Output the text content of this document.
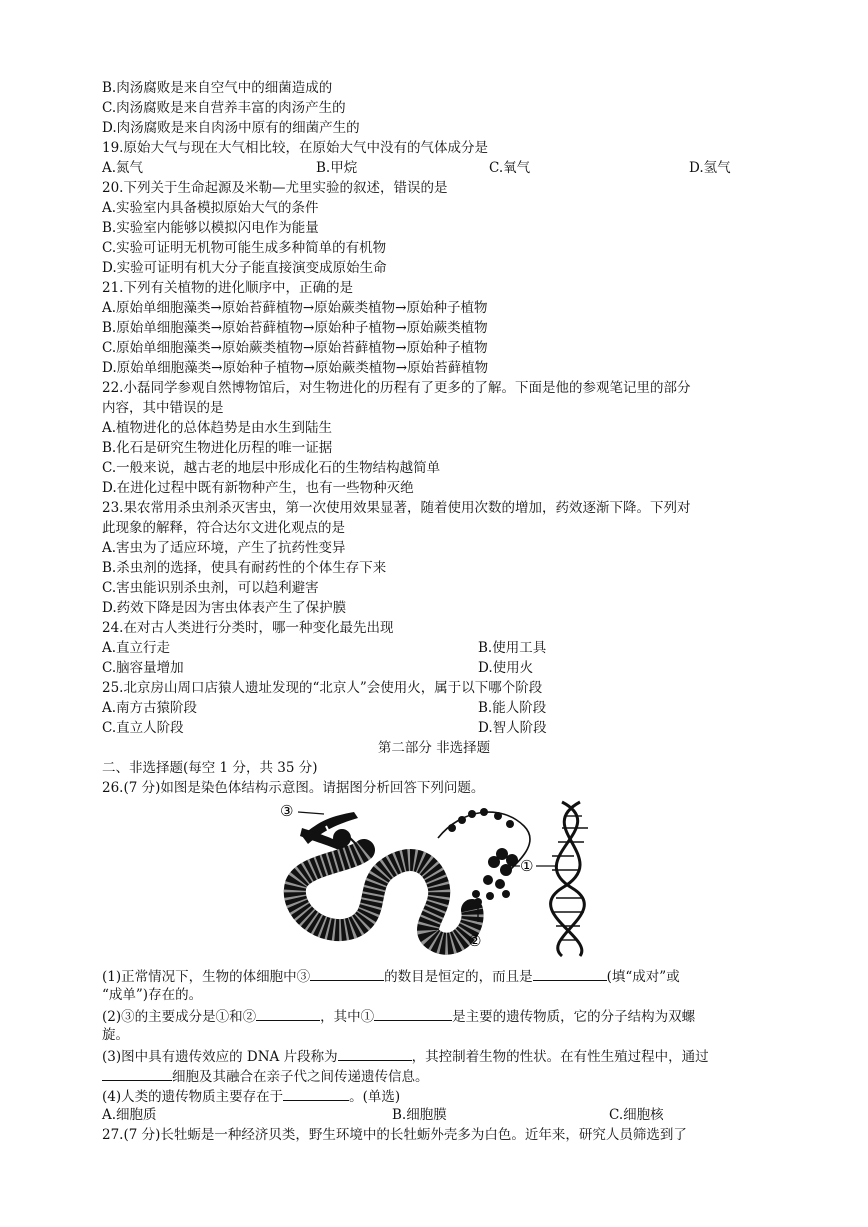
B.肉汤腐败是来自空气中的细菌造成的
C.肉汤腐败是来自营养丰富的肉汤产生的
D.肉汤腐败是来自肉汤中原有的细菌产生的
19.原始大气与现在大气相比较，在原始大气中没有的气体成分是
A.氮气	B.甲烷	C.氧气	D.氢气
20.下列关于生命起源及米勒—尤里实验的叙述，错误的是
A.实验室内具备模拟原始大气的条件
B.实验室内能够以模拟闪电作为能量
C.实验可证明无机物可能生成多种简单的有机物
D.实验可证明有机大分子能直接演变成原始生命
21.下列有关植物的进化顺序中，正确的是
A.原始单细胞藻类→原始苔藓植物→原始蕨类植物→原始种子植物
B.原始单细胞藻类→原始苔藓植物→原始种子植物→原始蕨类植物
C.原始单细胞藻类→原始蕨类植物→原始苔藓植物→原始种子植物
D.原始单细胞藻类→原始种子植物→原始蕨类植物→原始苔藓植物
22.小磊同学参观自然博物馆后，对生物进化的历程有了更多的了解。下面是他的参观笔记里的部分
内容，其中错误的是
A.植物进化的总体趋势是由水生到陆生
B.化石是研究生物进化历程的唯一证据
C.一般来说，越古老的地层中形成化石的生物结构越简单
D.在进化过程中既有新物种产生，也有一些物种灭绝
23.果农常用杀虫剂杀灭害虫，第一次使用效果显著，随着使用次数的增加，药效逐渐下降。下列对
此现象的解释，符合达尔文进化观点的是
A.害虫为了适应环境，产生了抗药性变异
B.杀虫剂的选择，使具有耐药性的个体生存下来
C.害虫能识别杀虫剂，可以趋利避害
D.药效下降是因为害虫体表产生了保护膜
24.在对古人类进行分类时，哪一种变化最先出现
A.直立行走	B.使用工具
C.脑容量增加	D.使用火
25.北京房山周口店猿人遗址发现的“北京人”会使用火，属于以下哪个阶段
A.南方古猿阶段	B.能人阶段
C.直立人阶段	D.智人阶段
第二部分 非选择题
二、非选择题(每空 1 分，共 35 分)
26.(7 分)如图是染色体结构示意图。请据图分析回答下列问题。
③
①
②
(1)正常情况下，生物的体细胞中③	的数目是恒定的，而且是	(填“成对”或
“成单”)存在的。
(2)③的主要成分是①和②	，其中①	是主要的遗传物质，它的分子结构为双螺
旋。
(3)图中具有遗传效应的 DNA 片段称为	，其控制着生物的性状。在有性生殖过程中，通过
细胞及其融合在亲子代之间传递遗传信息。
(4)人类的遗传物质主要存在于	。(单选)
A.细胞质	B.细胞膜	C.细胞核
27.(7 分)长牡蛎是一种经济贝类，野生环境中的长牡蛎外壳多为白色。近年来，研究人员筛选到了
